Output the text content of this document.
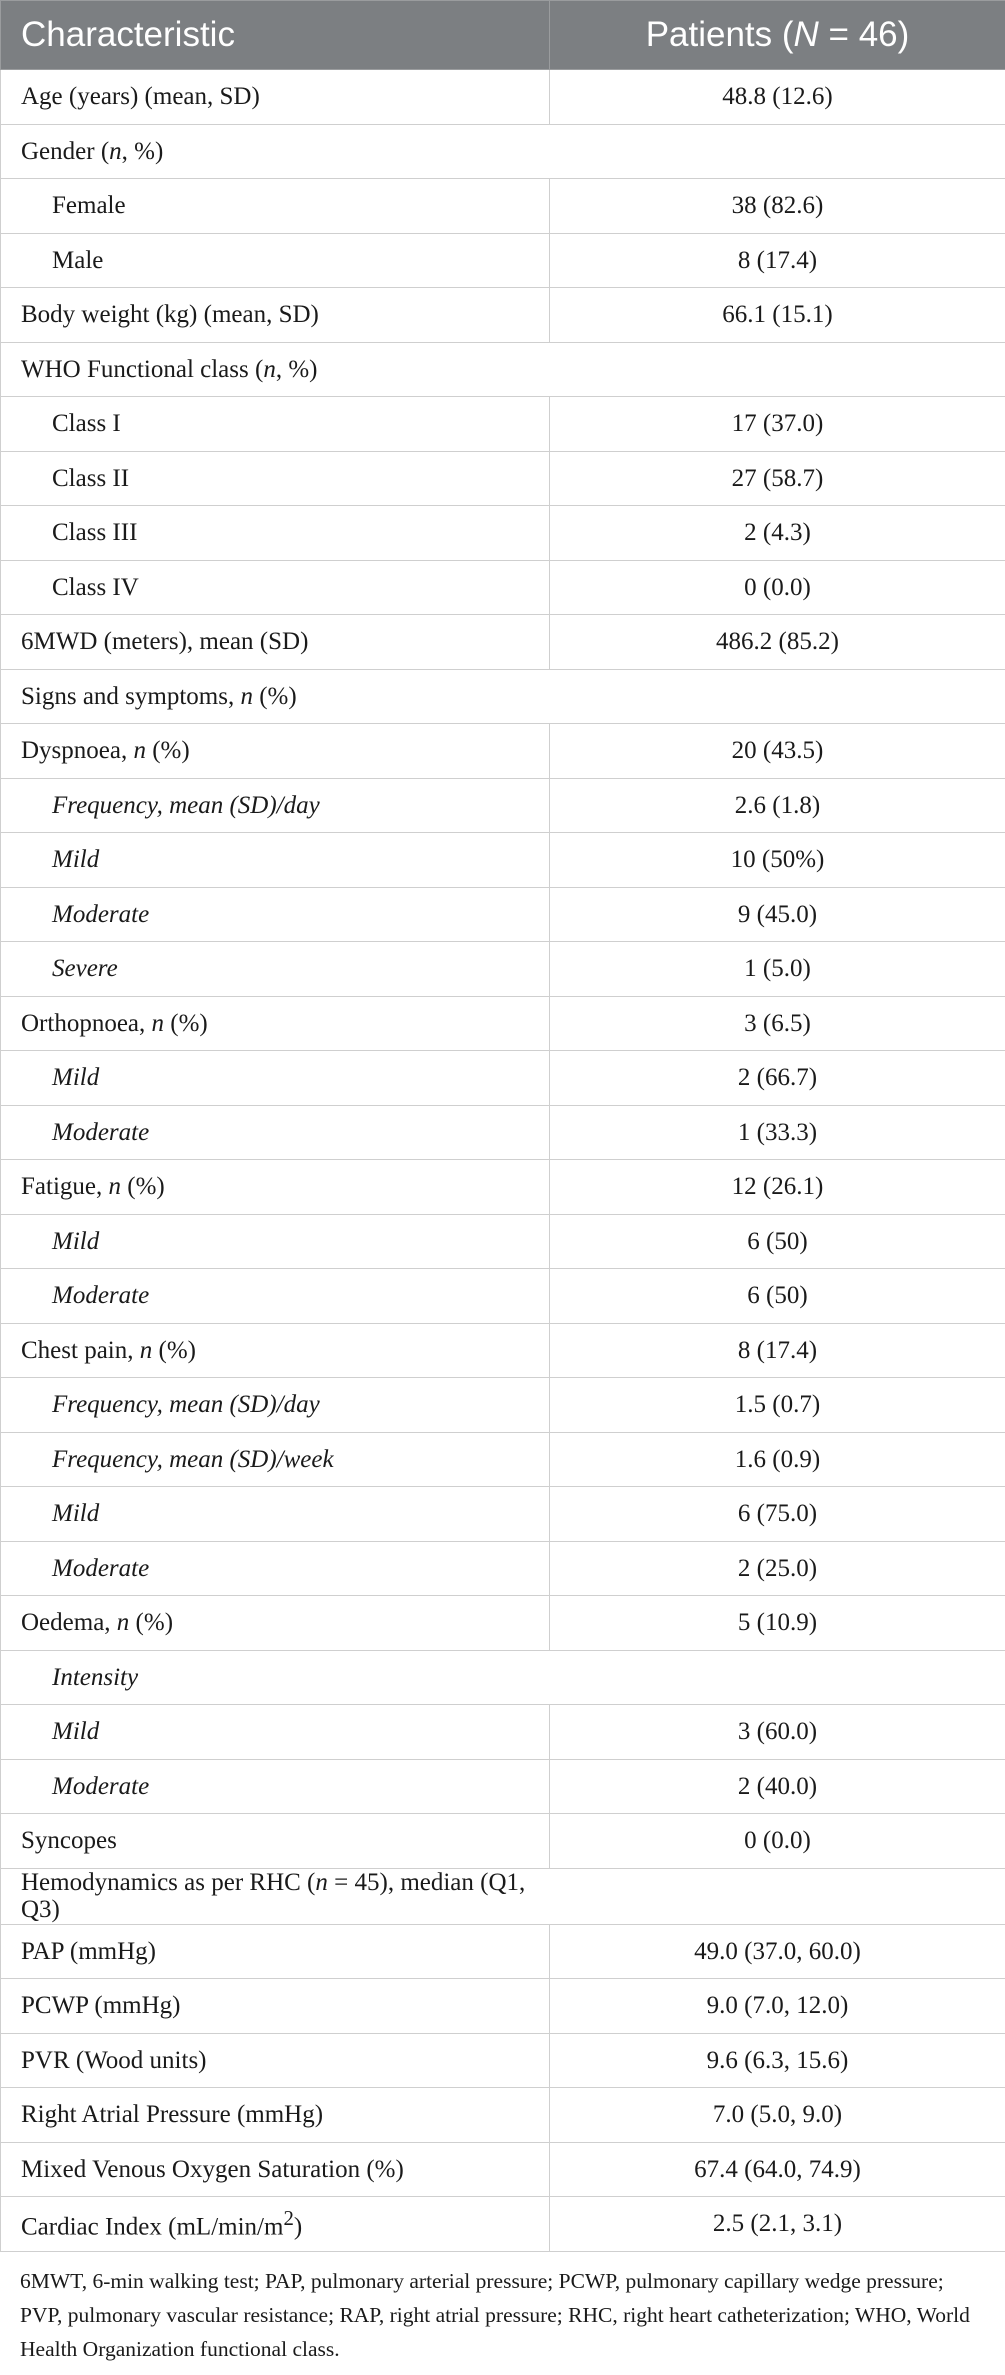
Characteristic	Patients (N = 46)
Age (years) (mean, SD)	48.8 (12.6)
Gender (n, %)	
Female	38 (82.6)
Male	8 (17.4)
Body weight (kg) (mean, SD)	66.1 (15.1)
WHO Functional class (n, %)	
Class I	17 (37.0)
Class II	27 (58.7)
Class III	2 (4.3)
Class IV	0 (0.0)
6MWD (meters), mean (SD)	486.2 (85.2)
Signs and symptoms, n (%)	
Dyspnoea, n (%)	20 (43.5)
Frequency, mean (SD)/day	2.6 (1.8)
Mild	10 (50%)
Moderate	9 (45.0)
Severe	1 (5.0)
Orthopnoea, n (%)	3 (6.5)
Mild	2 (66.7)
Moderate	1 (33.3)
Fatigue, n (%)	12 (26.1)
Mild	6 (50)
Moderate	6 (50)
Chest pain, n (%)	8 (17.4)
Frequency, mean (SD)/day	1.5 (0.7)
Frequency, mean (SD)/week	1.6 (0.9)
Mild	6 (75.0)
Moderate	2 (25.0)
Oedema, n (%)	5 (10.9)
Intensity	
Mild	3 (60.0)
Moderate	2 (40.0)
Syncopes	0 (0.0)
Hemodynamics as per RHC (n = 45), median (Q1, Q3)	
PAP (mmHg)	49.0 (37.0, 60.0)
PCWP (mmHg)	9.0 (7.0, 12.0)
PVR (Wood units)	9.6 (6.3, 15.6)
Right Atrial Pressure (mmHg)	7.0 (5.0, 9.0)
Mixed Venous Oxygen Saturation (%)	67.4 (64.0, 74.9)
Cardiac Index $(mL/\min/m^2)$	2.5 (2.1, 3.1)
6MWT, 6-min walking test; PAP, pulmonary arterial pressure; PCWP, pulmonary capillary wedge pressure; PVP, pulmonary vascular resistance; RAP, right atrial pressure; RHC, right heart catheterization; WHO, World Health Organization functional class.
